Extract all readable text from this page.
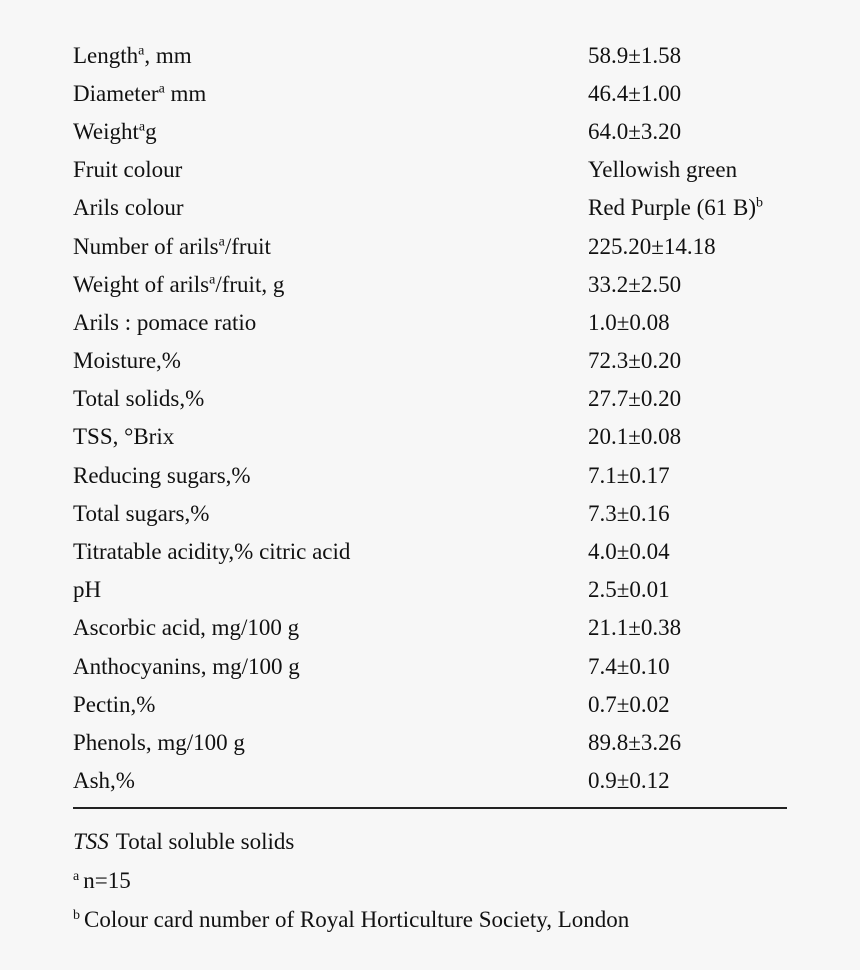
Length$^a$, mm	58.9±1.58
Diameter$^a$ mm	46.4±1.00
Weight$^a$g	64.0±3.20
Fruit colour	Yellowish green
Arils colour	Red Purple (61 B)$^b$
Number of arils$^a$/fruit	225.20±14.18
Weight of arils$^a$/fruit, g	33.2±2.50
Arils : pomace ratio	1.0±0.08
Moisture,%	72.3±0.20
Total solids,%	27.7±0.20
TSS, °Brix	20.1±0.08
Reducing sugars,%	7.1±0.17
Total sugars,%	7.3±0.16
Titratable acidity,% citric acid	4.0±0.04
pH	2.5±0.01
Ascorbic acid, mg/100 g	21.1±0.38
Anthocyanins, mg/100 g	7.4±0.10
Pectin,%	0.7±0.02
Phenols, mg/100 g	89.8±3.26
Ash,%	0.9±0.12
TSS Total soluble solids
a n=15
b Colour card number of Royal Horticulture Society, London
